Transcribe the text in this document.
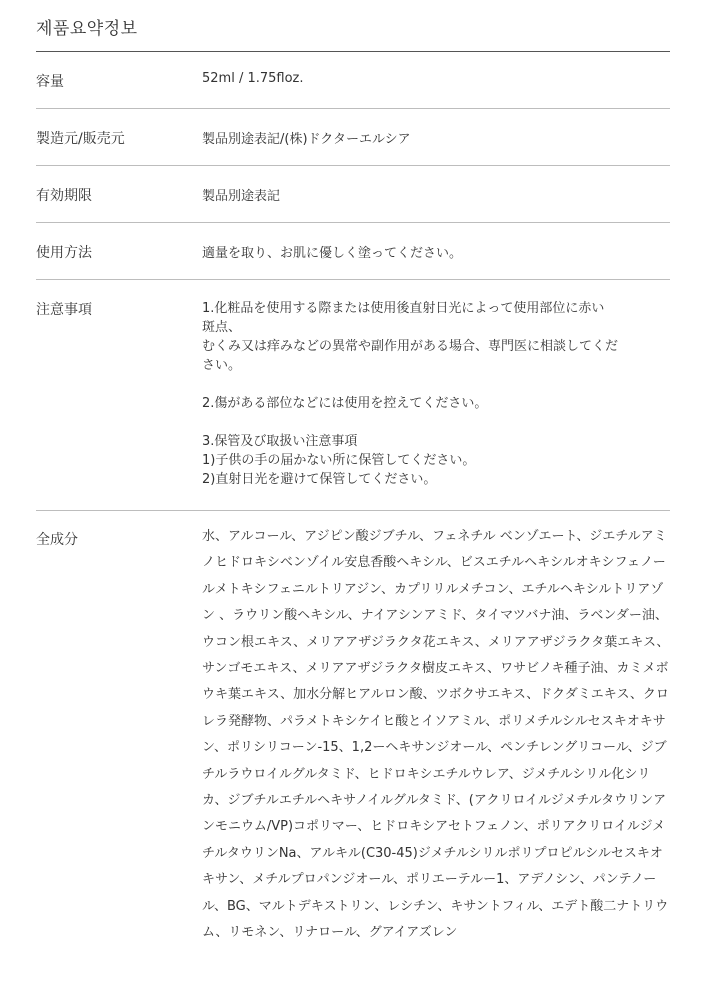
제품요약정보
容量	52ml / 1.75floz.
製造元/販売元	製品別途表記/(株)ドクターエルシア
有効期限	製品別途表記
使用方法	適量を取り、お肌に優しく塗ってください。
注意事項	1.化粧品を使用する際または使用後直射日光によって使用部位に赤い
斑点、
むくみ又は痒みなどの異常や副作用がある場合、専門医に相談してくだ
さい。

2.傷がある部位などには使用を控えてください。

3.保管及び取扱い注意事項
1)子供の手の届かない所に保管してください。
2)直射日光を避けて保管してください。

全成分	水、アルコール、アジピン酸ジブチル、フェネチル ベンゾエート、ジエチルアミノヒドロキシベンゾイル安息香酸ヘキシル、ビスエチルヘキシルオキシフェノールメトキシフェニルトリアジン、カプリリルメチコン、エチルヘキシルトリアゾン 、ラウリン酸ヘキシル、ナイアシンアミド、タイマツバナ油、ラベンダー油、ウコン根エキス、メリアアザジラクタ花エキス、メリアアザジラクタ葉エキス、サンゴモエキス、メリアアザジラクタ樹皮エキス、ワサビノキ種子油、カミメボウキ葉エキス、加水分解ヒアルロン酸、ツボクサエキス、ドクダミエキス、クロレラ発酵物、パラメトキシケイヒ酸とイソアミル、ポリメチルシルセスキオキサン、ポリシリコーン-15、1,2ーヘキサンジオール、ペンチレングリコール、ジブチルラウロイルグルタミド、ヒドロキシエチルウレア、ジメチルシリル化シリカ、ジブチルエチルヘキサノイルグルタミド、(アクリロイルジメチルタウリンアンモニウム/VP)コポリマー、ヒドロキシアセトフェノン、ポリアクリロイルジメチルタウリンNa、アルキル(C30-45)ジメチルシリルポリプロピルシルセスキオキサン、メチルプロパンジオール、ポリエーテルー1、アデノシン、パンテノール、BG、マルトデキストリン、レシチン、キサントフィル、エデト酸二ナトリウム、リモネン、リナロール、グアイアズレン
